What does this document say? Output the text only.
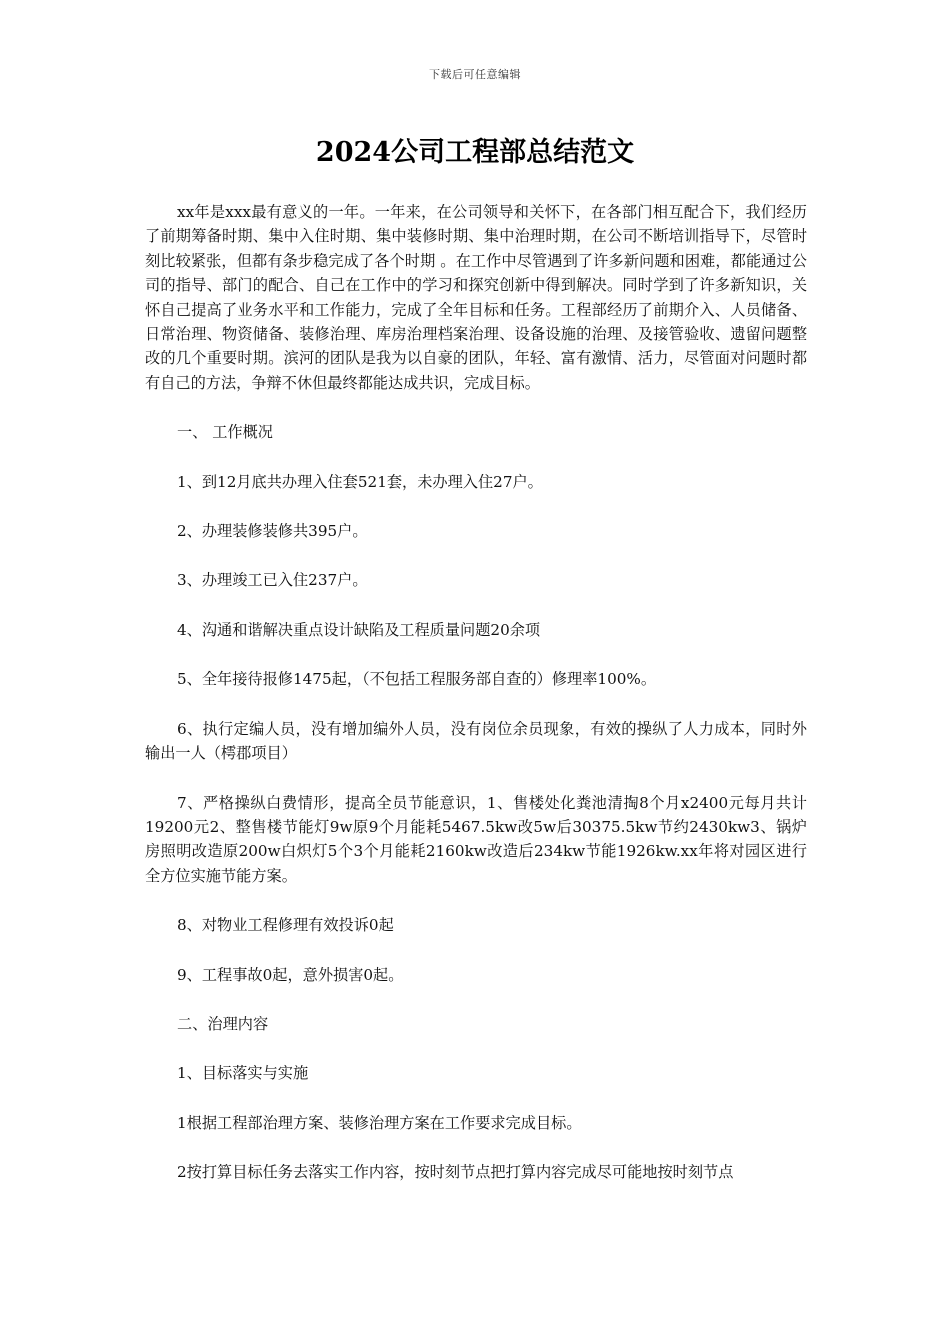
下载后可任意编辑
2024公司工程部总结范文

xx年是xxx最有意义的一年。一年来，在公司领导和关怀下，在各部门相互配合下，我们经历了前期筹备时期、集中入住时期、集中装修时期、集中治理时期，在公司不断培训指导下，尽管时刻比较紧张，但都有条步稳完成了各个时期 。在工作中尽管遇到了许多新问题和困难，都能通过公司的指导、部门的配合、自己在工作中的学习和探究创新中得到解决。同时学到了许多新知识，关怀自己提高了业务水平和工作能力，完成了全年目标和任务。工程部经历了前期介入、人员储备、日常治理、物资储备、装修治理、库房治理档案治理、设备设施的治理、及接管验收、遗留问题整改的几个重要时期。滨河的团队是我为以自豪的团队，年轻、富有激情、活力，尽管面对问题时都有自己的方法，争辩不休但最终都能达成共识，完成目标。

一、 工作概况

1、到12月底共办理入住套521套，未办理入住27户。

2、办理装修装修共395户。

3、办理竣工已入住237户。

4、沟通和谐解决重点设计缺陷及工程质量问题20余项

5、全年接待报修1475起，（不包括工程服务部自查的）修理率100%。

6、执行定编人员，没有增加编外人员，没有岗位余员现象，有效的操纵了人力成本，同时外输出一人（樗郡项目）

7、严格操纵白费情形，提高全员节能意识，1、售楼处化粪池清掏8个月x2400元每月共计19200元2、整售楼节能灯9w原9个月能耗5467.5kw改5w后30375.5kw节约2430kw3、锅炉房照明改造原200w白炽灯5个3个月能耗2160kw改造后234kw节能1926kw.xx年将对园区进行全方位实施节能方案。

8、对物业工程修理有效投诉0起

9、工程事故0起，意外损害0起。

二、治理内容

1、目标落实与实施

1根据工程部治理方案、装修治理方案在工作要求完成目标。

2按打算目标任务去落实工作内容，按时刻节点把打算内容完成尽可能地按时刻节点
